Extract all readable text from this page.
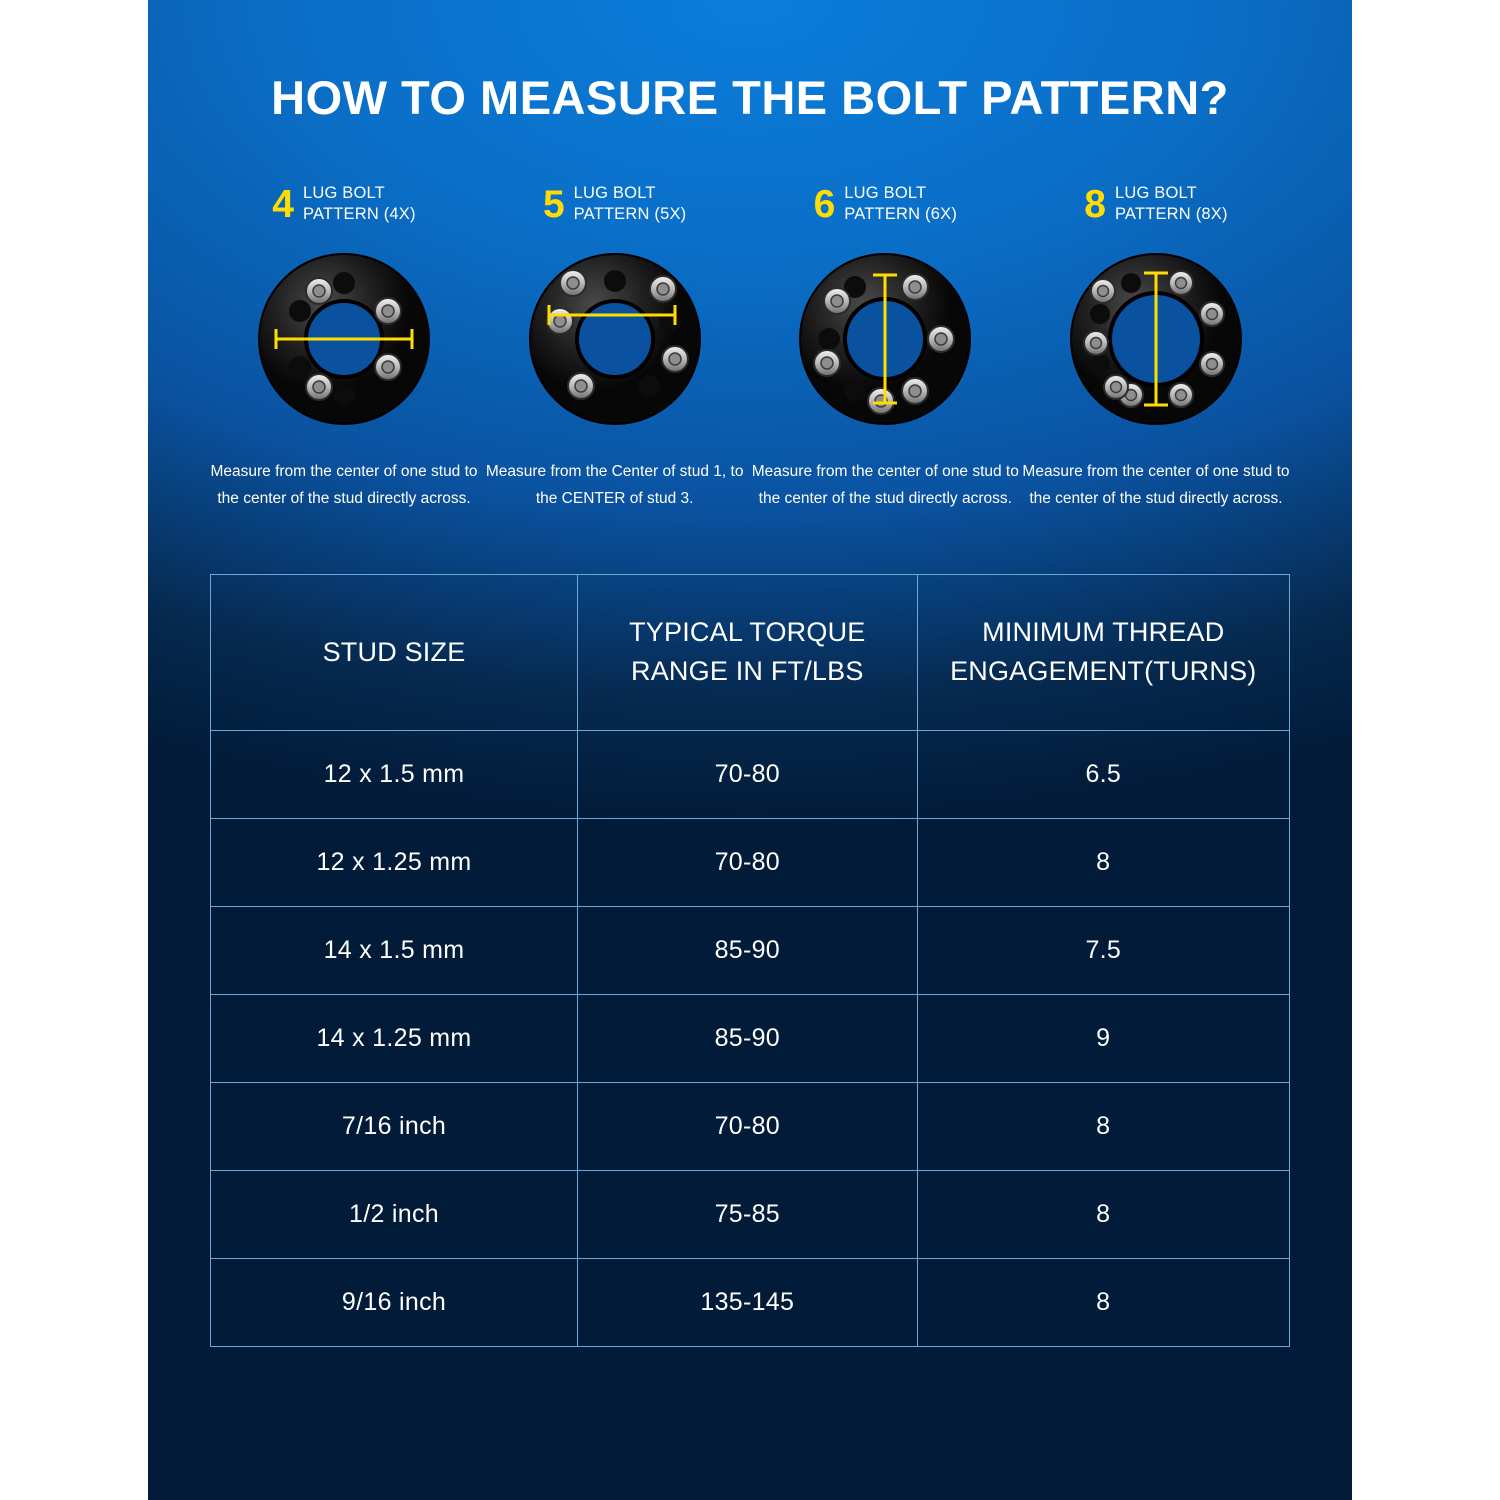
HOW TO MEASURE THE BOLT PATTERN?
4 LUG BOLT
PATTERN (4X)
Measure from the center of one stud to the center of the stud directly across.
5 LUG BOLT
PATTERN (5X)
Measure from the Center of stud 1, to the CENTER of stud 3.
6 LUG BOLT
PATTERN (6X)
Measure from the center of one stud to the center of the stud directly across.
8 LUG BOLT
PATTERN (8X)
Measure from the center of one stud to the center of the stud directly across.
STUD SIZE	TYPICAL TORQUE RANGE IN FT/LBS	MINIMUM THREAD ENGAGEMENT(TURNS)
12 x 1.5 mm	70-80	6.5
12 x 1.25 mm	70-80	8
14 x 1.5 mm	85-90	7.5
14 x 1.25 mm	85-90	9
7/16 inch	70-80	8
1/2 inch	75-85	8
9/16 inch	135-145	8
